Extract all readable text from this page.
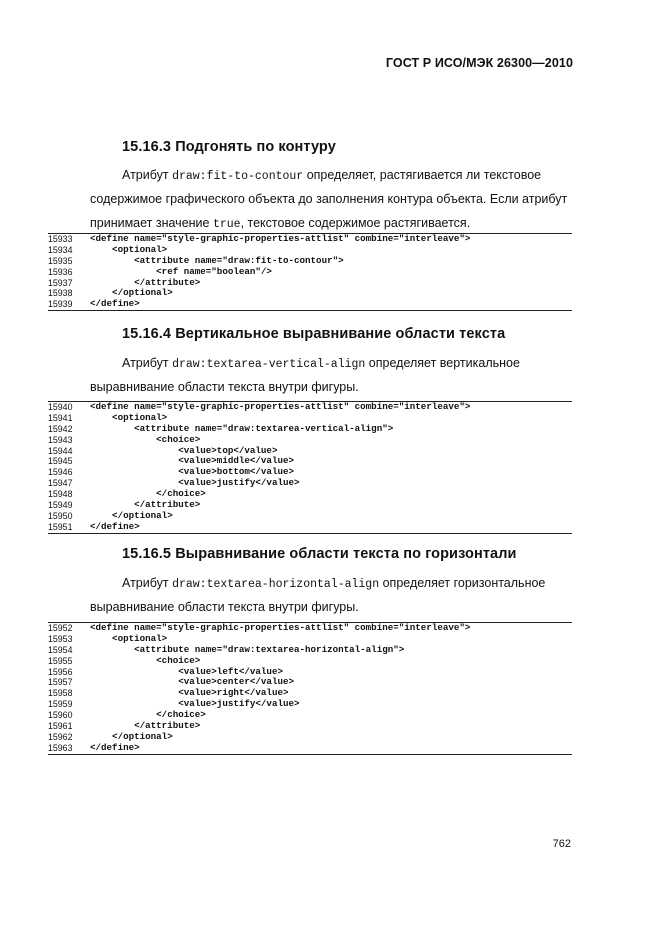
ГОСТ Р ИСО/МЭК 26300—2010
15.16.3 Подгонять по контуру
Атрибут draw:fit-to-contour определяет, растягивается ли текстовое
содержимое графического объекта до заполнения контура объекта. Если атрибут
принимает значение true, текстовое содержимое растягивается.
15933	<define name="style-graphic-properties-attlist" combine="interleave">
15934	<optional>
15935	<attribute name="draw:fit-to-contour">
15936	<ref name="boolean"/>
15937	</attribute>
15938	</optional>
15939	</define>
15.16.4 Вертикальное выравнивание области текста
Атрибут draw:textarea-vertical-align определяет вертикальное
выравнивание области текста внутри фигуры.
15940	<define name="style-graphic-properties-attlist" combine="interleave">
15941	<optional>
15942	<attribute name="draw:textarea-vertical-align">
15943	<choice>
15944	<value>top</value>
15945	<value>middle</value>
15946	<value>bottom</value>
15947	<value>justify</value>
15948	</choice>
15949	</attribute>
15950	</optional>
15951	</define>
15.16.5 Выравнивание области текста по горизонтали
Атрибут draw:textarea-horizontal-align определяет горизонтальное
выравнивание области текста внутри фигуры.
15952	<define name="style-graphic-properties-attlist" combine="interleave">
15953	<optional>
15954	<attribute name="draw:textarea-horizontal-align">
15955	<choice>
15956	<value>left</value>
15957	<value>center</value>
15958	<value>right</value>
15959	<value>justify</value>
15960	</choice>
15961	</attribute>
15962	</optional>
15963	</define>
762
